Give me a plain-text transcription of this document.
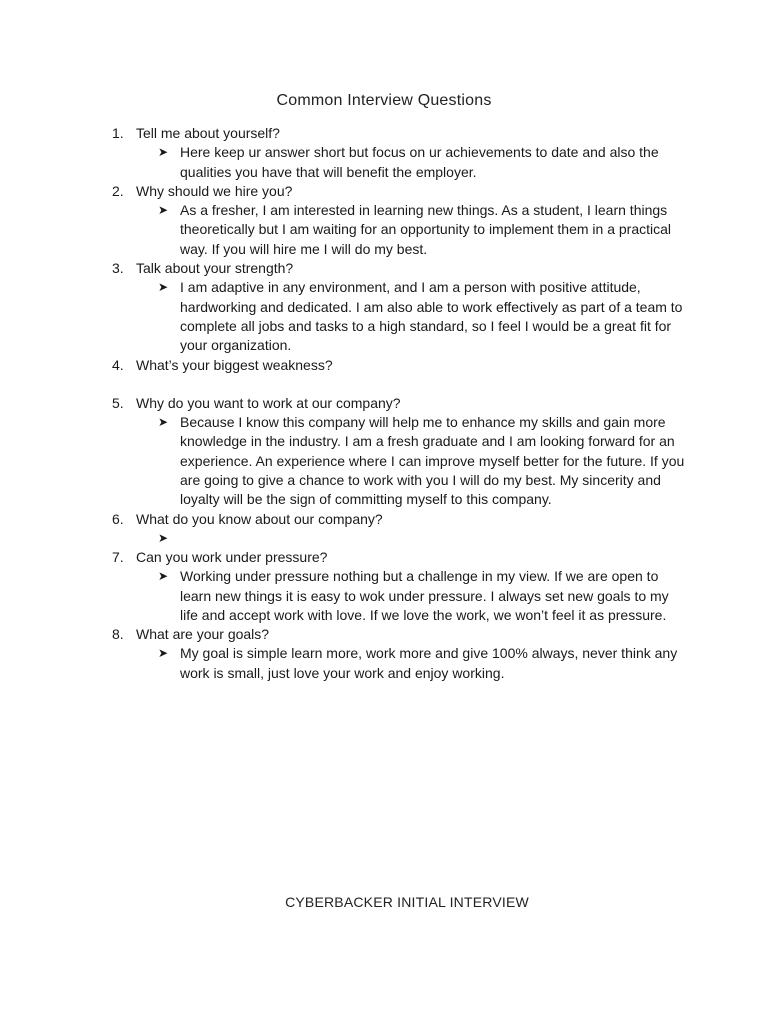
Common Interview Questions
1. Tell me about yourself?
➤ Here keep ur answer short but focus on ur achievements to date and also the qualities you have that will benefit the employer.
2. Why should we hire you?
➤ As a fresher, I am interested in learning new things. As a student, I learn things theoretically but I am waiting for an opportunity to implement them in a practical way. If you will hire me I will do my best.
3. Talk about your strength?
➤ I am adaptive in any environment, and I am a person with positive attitude, hardworking and dedicated. I am also able to work effectively as part of a team to complete all jobs and tasks to a high standard, so I feel I would be a great fit for your organization.
4. What’s your biggest weakness?
5. Why do you want to work at our company?
➤ Because I know this company will help me to enhance my skills and gain more knowledge in the industry. I am a fresh graduate and I am looking forward for an experience. An experience where I can improve myself better for the future. If you are going to give a chance to work with you I will do my best. My sincerity and loyalty will be the sign of committing myself to this company.
6. What do you know about our company?
➤
7. Can you work under pressure?
➤ Working under pressure nothing but a challenge in my view. If we are open to learn new things it is easy to wok under pressure. I always set new goals to my life and accept work with love. If we love the work, we won’t feel it as pressure.
8. What are your goals?
➤ My goal is simple learn more, work more and give 100% always, never think any work is small, just love your work and enjoy working.
CYBERBACKER INITIAL INTERVIEW
